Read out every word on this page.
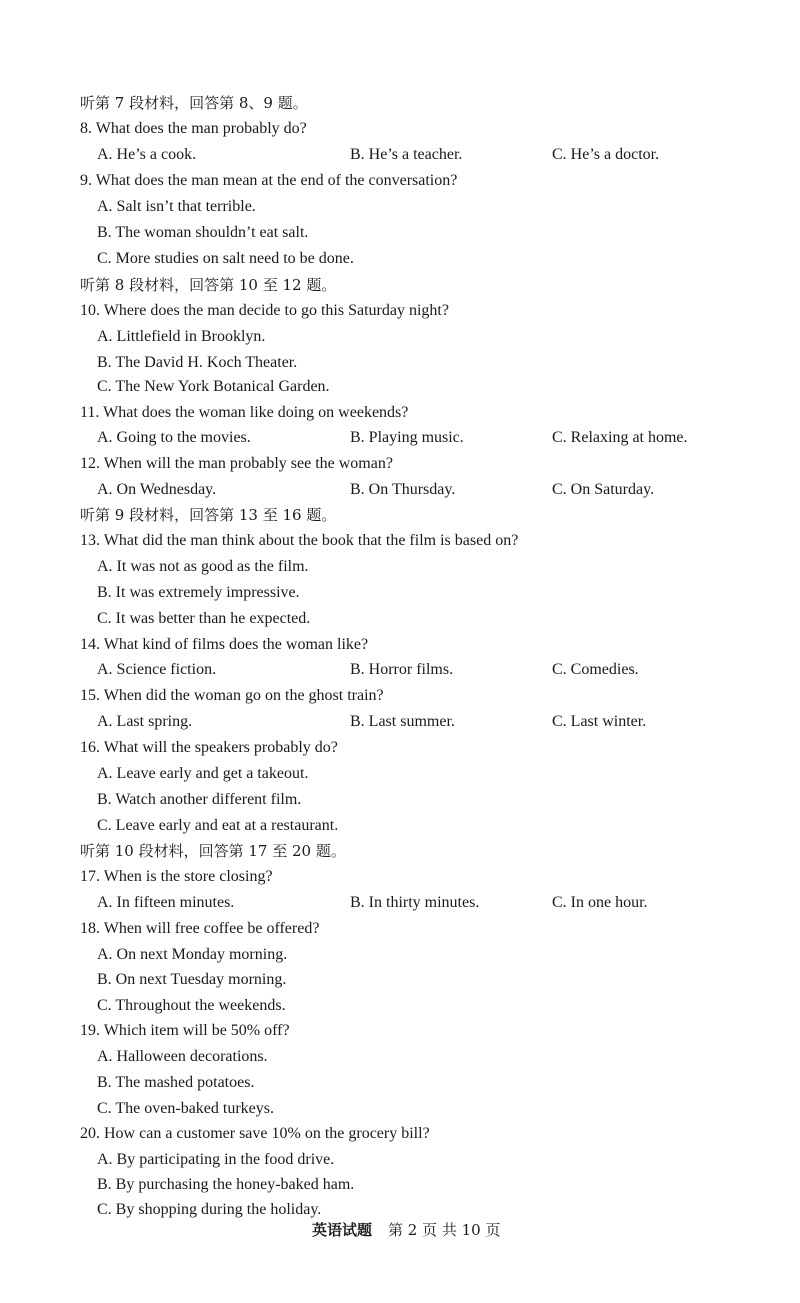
听第 7 段材料，回答第 8、9 题。
8. What does the man probably do?
A. He’s a cook.	B. He’s a teacher.	C. He’s a doctor.
9. What does the man mean at the end of the conversation?
A. Salt isn’t that terrible.
B. The woman shouldn’t eat salt.
C. More studies on salt need to be done.
听第 8 段材料，回答第 10 至 12 题。
10. Where does the man decide to go this Saturday night?
A. Littlefield in Brooklyn.
B. The David H. Koch Theater.
C. The New York Botanical Garden.
11. What does the woman like doing on weekends?
A. Going to the movies.	B. Playing music.	C. Relaxing at home.
12. When will the man probably see the woman?
A. On Wednesday.	B. On Thursday.	C. On Saturday.
听第 9 段材料，回答第 13 至 16 题。
13. What did the man think about the book that the film is based on?
A. It was not as good as the film.
B. It was extremely impressive.
C. It was better than he expected.
14. What kind of films does the woman like?
A. Science fiction.	B. Horror films.	C. Comedies.
15. When did the woman go on the ghost train?
A. Last spring.	B. Last summer.	C. Last winter.
16. What will the speakers probably do?
A. Leave early and get a takeout.
B. Watch another different film.
C. Leave early and eat at a restaurant.
听第 10 段材料，回答第 17 至 20 题。
17. When is the store closing?
A. In fifteen minutes.	B. In thirty minutes.	C. In one hour.
18. When will free coffee be offered?
A. On next Monday morning.
B. On next Tuesday morning.
C. Throughout the weekends.
19. Which item will be 50% off?
A. Halloween decorations.
B. The mashed potatoes.
C. The oven-baked turkeys.
20. How can a customer save 10% on the grocery bill?
A. By participating in the food drive.
B. By purchasing the honey-baked ham.
C. By shopping during the holiday.
英语试题 第 2 页 共 10 页
